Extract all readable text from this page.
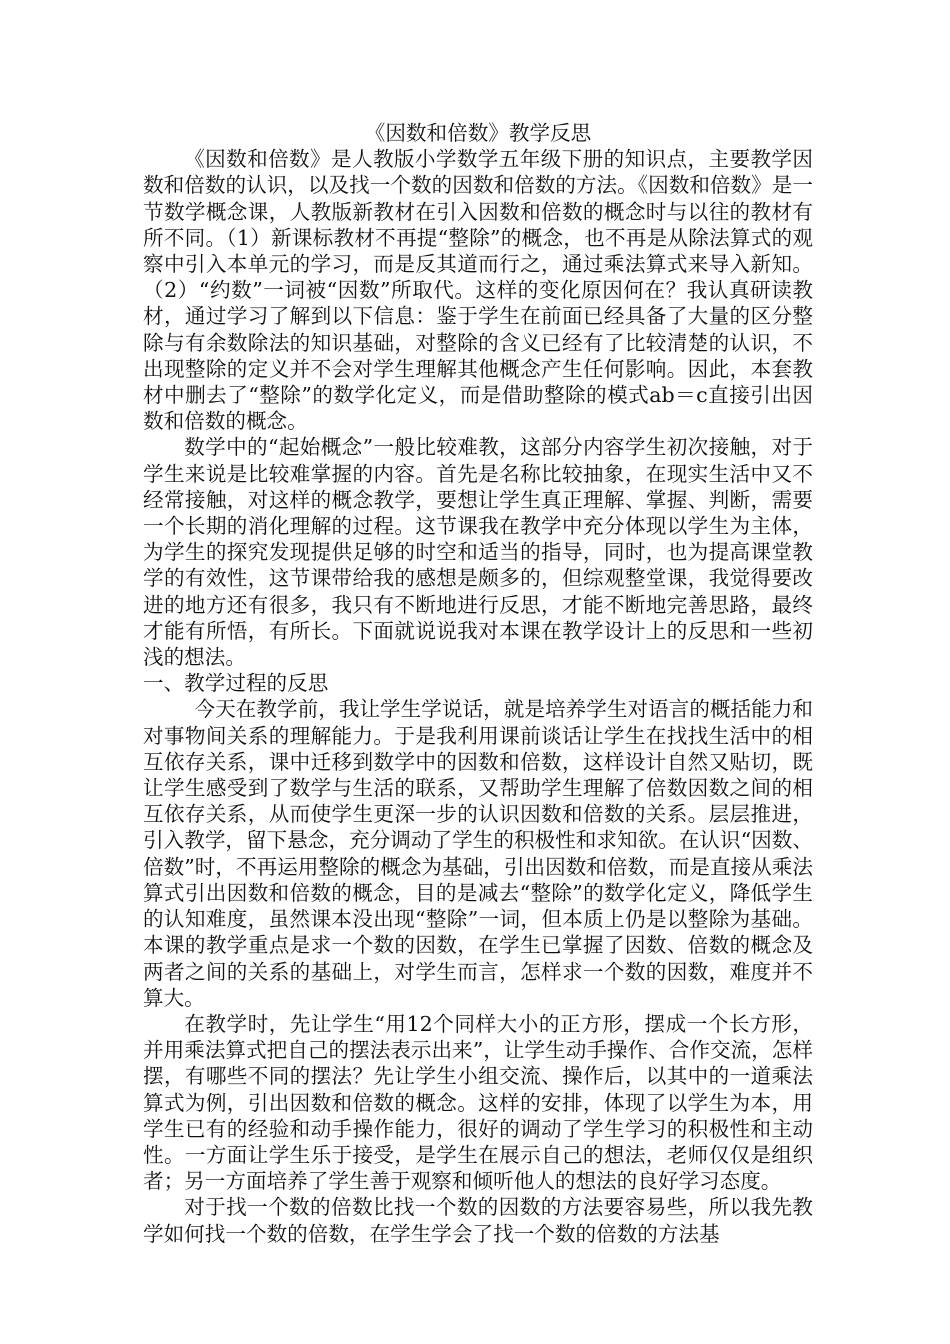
《因数和倍数》教学反思

《因数和倍数》是人教版小学数学五年级下册的知识点，主要教学因数和倍数的认识，以及找一个数的因数和倍数的方法。《因数和倍数》是一节数学概念课，人教版新教材在引入因数和倍数的概念时与以往的教材有所不同。（1）新课标教材不再提“整除”的概念，也不再是从除法算式的观察中引入本单元的学习，而是反其道而行之，通过乘法算式来导入新知。（2）“约数”一词被“因数”所取代。这样的变化原因何在？我认真研读教材，通过学习了解到以下信息：鉴于学生在前面已经具备了大量的区分整除与有余数除法的知识基础，对整除的含义已经有了比较清楚的认识，不出现整除的定义并不会对学生理解其他概念产生任何影响。因此，本套教材中删去了“整除”的数学化定义，而是借助整除的模式ab＝c直接引出因数和倍数的概念。

数学中的“起始概念”一般比较难教，这部分内容学生初次接触，对于学生来说是比较难掌握的内容。首先是名称比较抽象，在现实生活中又不经常接触，对这样的概念教学，要想让学生真正理解、掌握、判断，需要一个长期的消化理解的过程。这节课我在教学中充分体现以学生为主体，为学生的探究发现提供足够的时空和适当的指导，同时，也为提高课堂教学的有效性，这节课带给我的感想是颇多的，但综观整堂课，我觉得要改进的地方还有很多，我只有不断地进行反思，才能不断地完善思路，最终才能有所悟，有所长。下面就说说我对本课在教学设计上的反思和一些初浅的想法。

一、教学过程的反思

今天在教学前，我让学生学说话，就是培养学生对语言的概括能力和对事物间关系的理解能力。于是我利用课前谈话让学生在找找生活中的相互依存关系，课中迁移到数学中的因数和倍数，这样设计自然又贴切，既让学生感受到了数学与生活的联系，又帮助学生理解了倍数因数之间的相互依存关系，从而使学生更深一步的认识因数和倍数的关系。层层推进，引入教学，留下悬念，充分调动了学生的积极性和求知欲。在认识“因数、倍数”时，不再运用整除的概念为基础，引出因数和倍数，而是直接从乘法算式引出因数和倍数的概念，目的是减去“整除”的数学化定义，降低学生的认知难度，虽然课本没出现“整除”一词，但本质上仍是以整除为基础。本课的教学重点是求一个数的因数，在学生已掌握了因数、倍数的概念及两者之间的关系的基础上，对学生而言，怎样求一个数的因数，难度并不算大。

在教学时，先让学生“用12个同样大小的正方形，摆成一个长方形，并用乘法算式把自己的摆法表示出来”，让学生动手操作、合作交流，怎样摆，有哪些不同的摆法？先让学生小组交流、操作后，以其中的一道乘法算式为例，引出因数和倍数的概念。这样的安排，体现了以学生为本，用学生已有的经验和动手操作能力，很好的调动了学生学习的积极性和主动性。一方面让学生乐于接受，是学生在展示自己的想法，老师仅仅是组织者；另一方面培养了学生善于观察和倾听他人的想法的良好学习态度。

对于找一个数的倍数比找一个数的因数的方法要容易些，所以我先教学如何找一个数的倍数，在学生学会了找一个数的倍数的方法基
